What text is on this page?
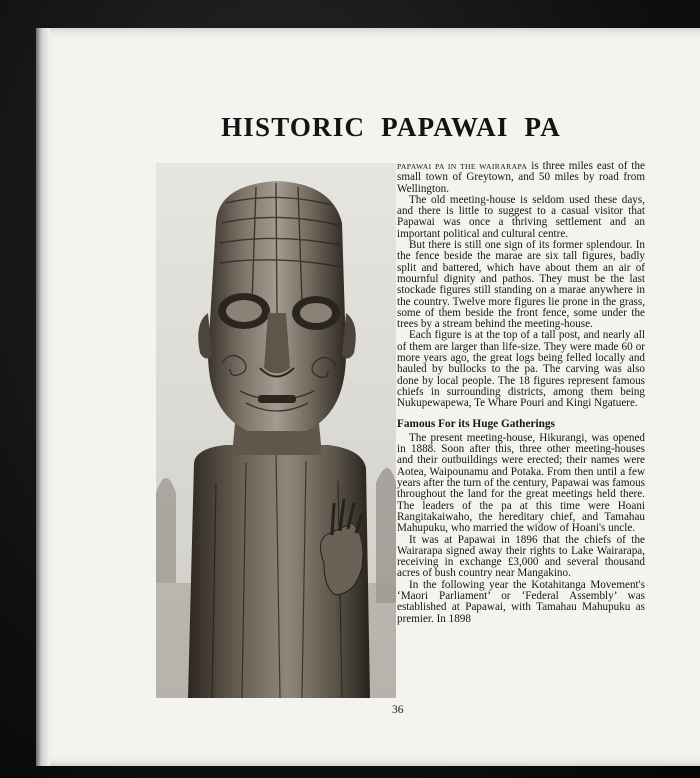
HISTORIC PAPAWAI PA

PAPAWAI PA IN THE WAIRARAPA is three miles east of the small town of Greytown, and 50 miles by road from Wellington.

The old meeting-house is seldom used these days, and there is little to suggest to a casual visitor that Papawai was once a thriving settlement and an important political and cultural centre.

But there is still one sign of its former splendour. In the fence beside the marae are six tall figures, badly split and battered, which have about them an air of mournful dignity and pathos. They must be the last stockade figures still standing on a marae anywhere in the country. Twelve more figures lie prone in the grass, some of them beside the front fence, some under the trees by a stream behind the meeting-house.

Each figure is at the top of a tall post, and nearly all of them are larger than life-size. They were made 60 or more years ago, the great logs being felled locally and hauled by bullocks to the pa. The carving was also done by local people. The 18 figures represent famous chiefs in surrounding districts, among them being Nukupewapewa, Te Whare Pouri and Kingi Ngatuere.

Famous For its Huge Gatherings

The present meeting-house, Hikurangi, was opened in 1888. Soon after this, three other meeting-houses and their outbuildings were erected; their names were Aotea, Waipounamu and Potaka. From then until a few years after the turn of the century, Papawai was famous throughout the land for the great meetings held there. The leaders of the pa at this time were Hoani Rangitakaiwaho, the hereditary chief, and Tamahau Mahupuku, who married the widow of Hoani's uncle.

It was at Papawai in 1896 that the chiefs of the Wairarapa signed away their rights to Lake Wairarapa, receiving in exchange £3,000 and several thousand acres of bush country near Mangakino.

In the following year the Kotahitanga Movement's ‘Maori Parliament’ or ‘Federal Assembly’ was established at Papawai, with Tamahau Mahupuku as premier. In 1898

36
